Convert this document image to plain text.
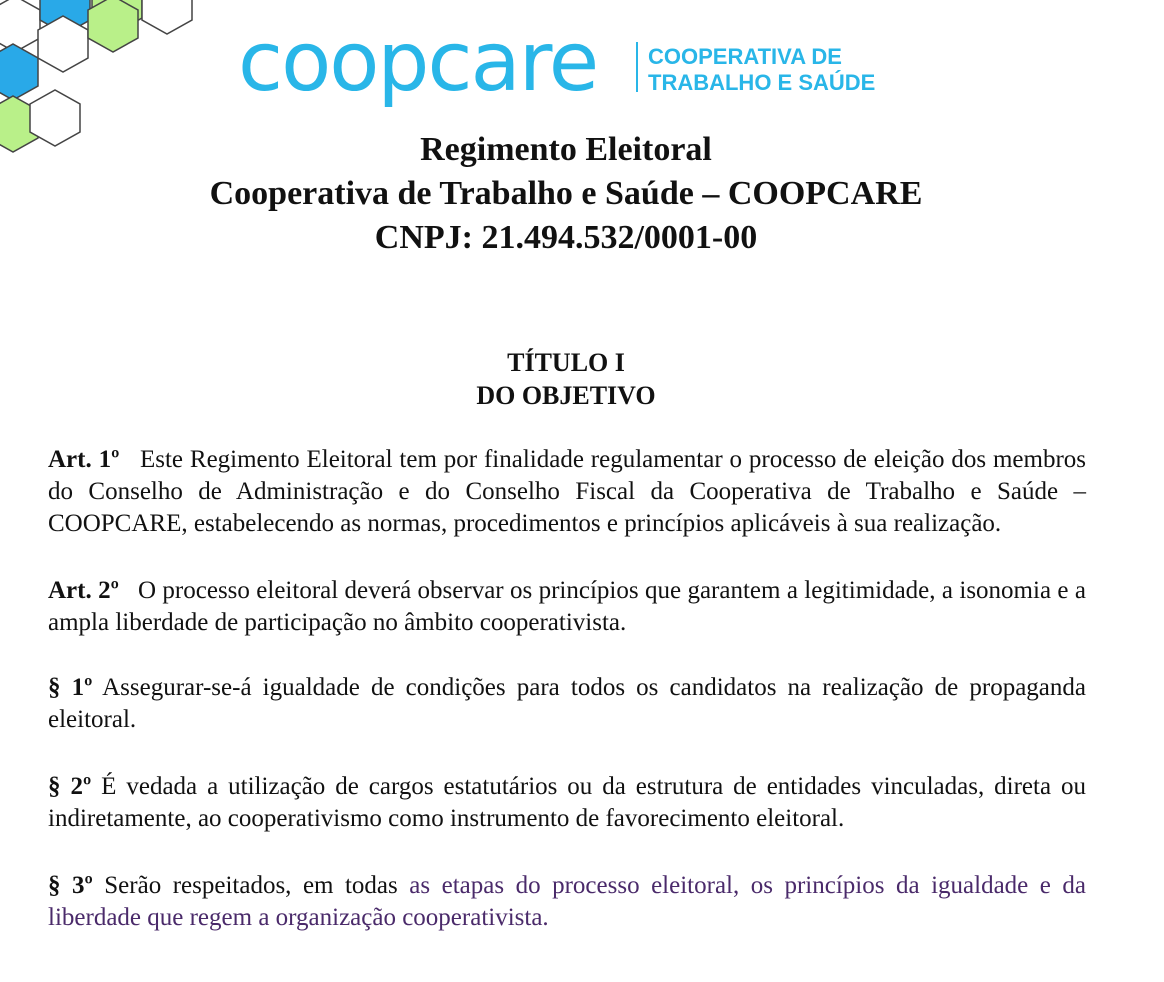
coopcare COOPERATIVA DE
TRABALHO E SAÚDE
Regimento Eleitoral
Cooperativa de Trabalho e Saúde – COOPCARE
CNPJ: 21.494.532/0001-00
TÍTULO I
DO OBJETIVO

Art. 1º Este Regimento Eleitoral tem por finalidade regulamentar o processo de eleição dos membros do Conselho de Administração e do Conselho Fiscal da Cooperativa de Trabalho e Saúde – COOPCARE, estabelecendo as normas, procedimentos e princípios aplicáveis à sua realização.

Art. 2º O processo eleitoral deverá observar os princípios que garantem a legitimidade, a isonomia e a ampla liberdade de participação no âmbito cooperativista.

§ 1º Assegurar-se-á igualdade de condições para todos os candidatos na realização de propaganda eleitoral.

§ 2º É vedada a utilização de cargos estatutários ou da estrutura de entidades vinculadas, direta ou indiretamente, ao cooperativismo como instrumento de favorecimento eleitoral.

§ 3º Serão respeitados, em todas as etapas do processo eleitoral, os princípios da igualdade e da liberdade que regem a organização cooperativista.
